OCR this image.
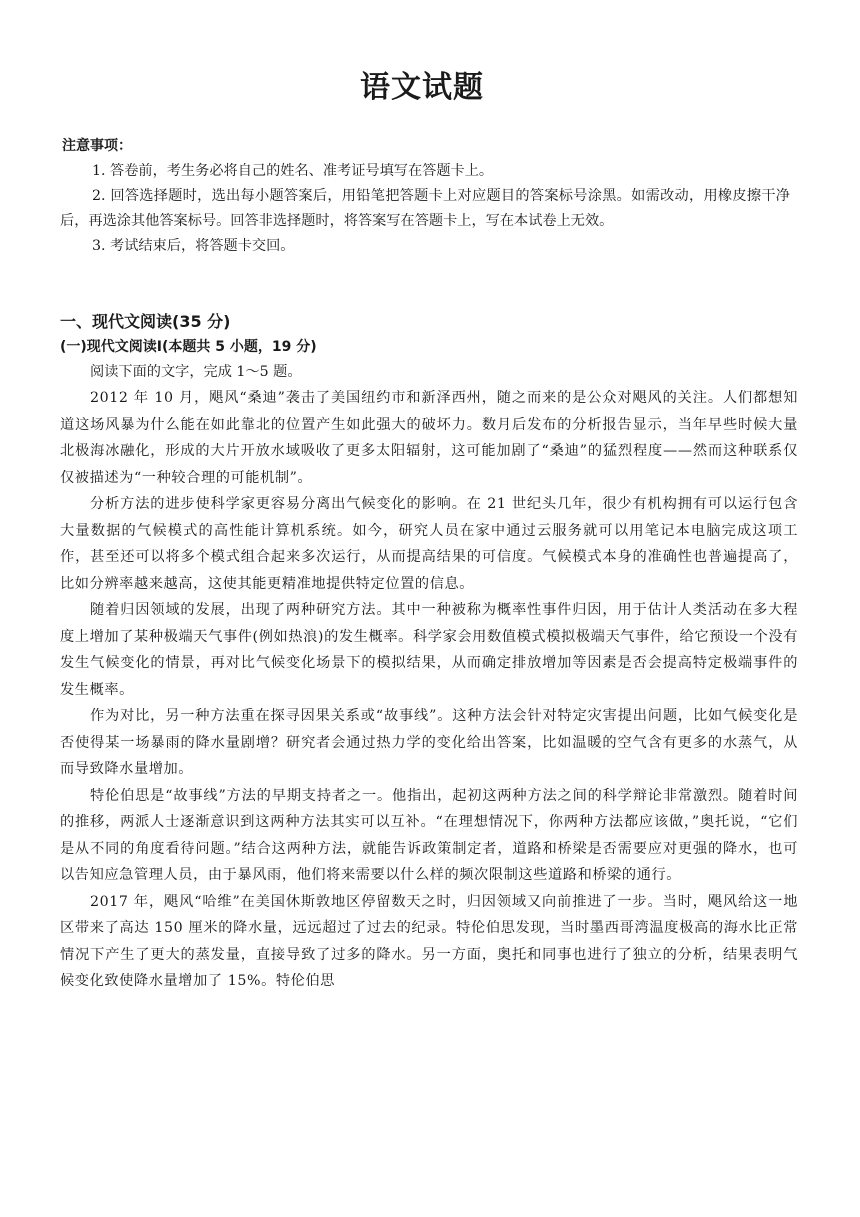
语文试题
注意事项：
1. 答卷前，考生务必将自己的姓名、准考证号填写在答题卡上。
2. 回答选择题时，选出每小题答案后，用铅笔把答题卡上对应题目的答案标号涂黑。如需改动，用橡皮擦干净后，再选涂其他答案标号。回答非选择题时，将答案写在答题卡上，写在本试卷上无效。
3. 考试结束后，将答题卡交回。
一、现代文阅读(35 分)
(一)现代文阅读Ⅰ(本题共 5 小题，19 分)
阅读下面的文字，完成 1～5 题。

2012 年 10 月，飓风“桑迪”袭击了美国纽约市和新泽西州，随之而来的是公众对飓风的关注。人们都想知道这场风暴为什么能在如此靠北的位置产生如此强大的破坏力。数月后发布的分析报告显示，当年早些时候大量北极海冰融化，形成的大片开放水域吸收了更多太阳辐射，这可能加剧了“桑迪”的猛烈程度——然而这种联系仅仅被描述为“一种较合理的可能机制”。

分析方法的进步使科学家更容易分离出气候变化的影响。在 21 世纪头几年，很少有机构拥有可以运行包含大量数据的气候模式的高性能计算机系统。如今，研究人员在家中通过云服务就可以用笔记本电脑完成这项工作，甚至还可以将多个模式组合起来多次运行，从而提高结果的可信度。气候模式本身的准确性也普遍提高了，比如分辨率越来越高，这使其能更精准地提供特定位置的信息。

随着归因领域的发展，出现了两种研究方法。其中一种被称为概率性事件归因，用于估计人类活动在多大程度上增加了某种极端天气事件(例如热浪)的发生概率。科学家会用数值模式模拟极端天气事件，给它预设一个没有发生气候变化的情景，再对比气候变化场景下的模拟结果，从而确定排放增加等因素是否会提高特定极端事件的发生概率。

作为对比，另一种方法重在探寻因果关系或“故事线”。这种方法会针对特定灾害提出问题，比如气候变化是否使得某一场暴雨的降水量剧增？研究者会通过热力学的变化给出答案，比如温暖的空气含有更多的水蒸气，从而导致降水量增加。

特伦伯思是“故事线”方法的早期支持者之一。他指出，起初这两种方法之间的科学辩论非常激烈。随着时间的推移，两派人士逐渐意识到这两种方法其实可以互补。“在理想情况下，你两种方法都应该做，”奥托说，“它们是从不同的角度看待问题。”结合这两种方法，就能告诉政策制定者，道路和桥梁是否需要应对更强的降水，也可以告知应急管理人员，由于暴风雨，他们将来需要以什么样的频次限制这些道路和桥梁的通行。

2017 年，飓风“哈维”在美国休斯敦地区停留数天之时，归因领域又向前推进了一步。当时，飓风给这一地区带来了高达 150 厘米的降水量，远远超过了过去的纪录。特伦伯思发现，当时墨西哥湾温度极高的海水比正常情况下产生了更大的蒸发量，直接导致了过多的降水。另一方面，奥托和同事也进行了独立的分析，结果表明气候变化致使降水量增加了 15%。特伦伯思
